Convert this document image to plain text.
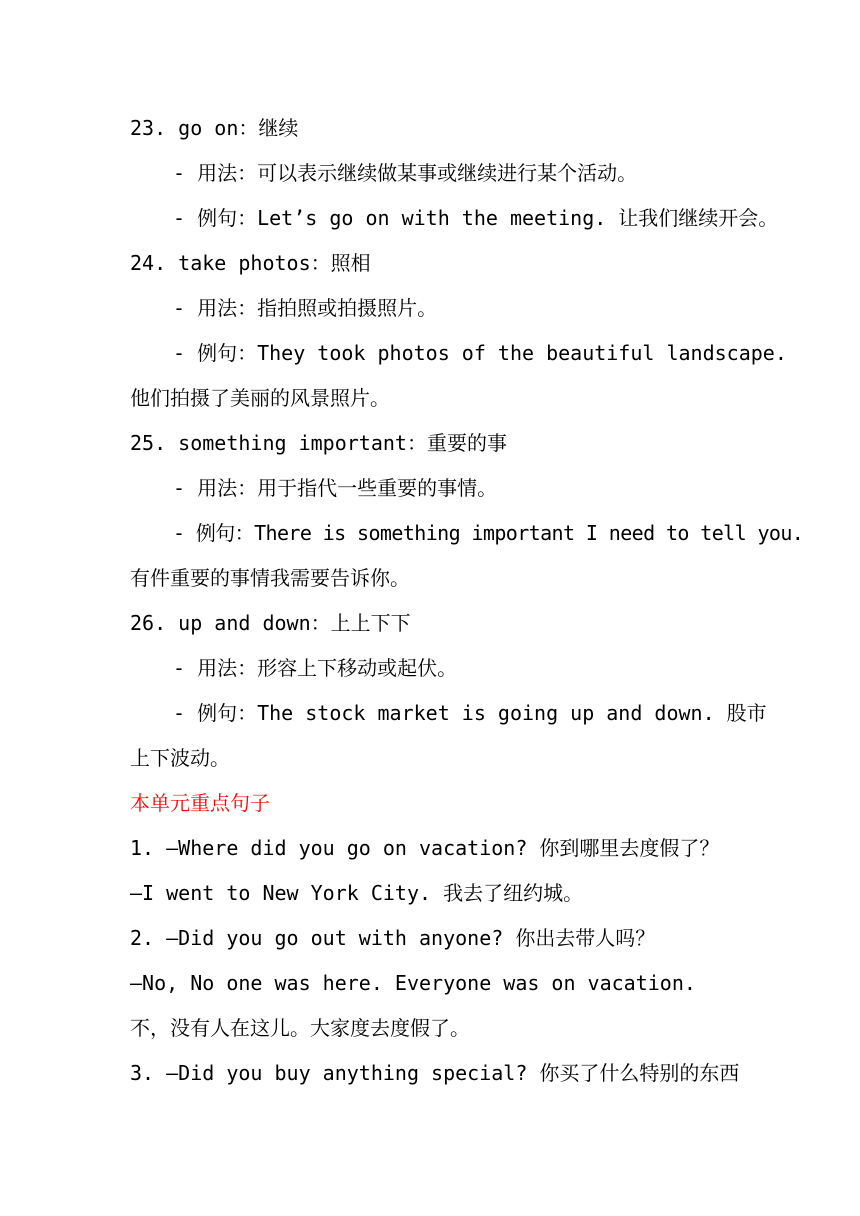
23. go on：继续
- 用法：可以表示继续做某事或继续进行某个活动。
- 例句：Let’s go on with the meeting. 让我们继续开会。
24. take photos：照相
- 用法：指拍照或拍摄照片。
- 例句：They took photos of the beautiful landscape.
他们拍摄了美丽的风景照片。
25. something important：重要的事
- 用法：用于指代一些重要的事情。
- 例句：There is something important I need to tell you.
有件重要的事情我需要告诉你。
26. up and down：上上下下
- 用法：形容上下移动或起伏。
- 例句：The stock market is going up and down. 股市
上下波动。
本单元重点句子
1. —Where did you go on vacation? 你到哪里去度假了？
—I went to New York City. 我去了纽约城。
2. —Did you go out with anyone? 你出去带人吗？
—No, No one was here. Everyone was on vacation.
不，没有人在这儿。大家度去度假了。
3. —Did you buy anything special? 你买了什么特别的东西
